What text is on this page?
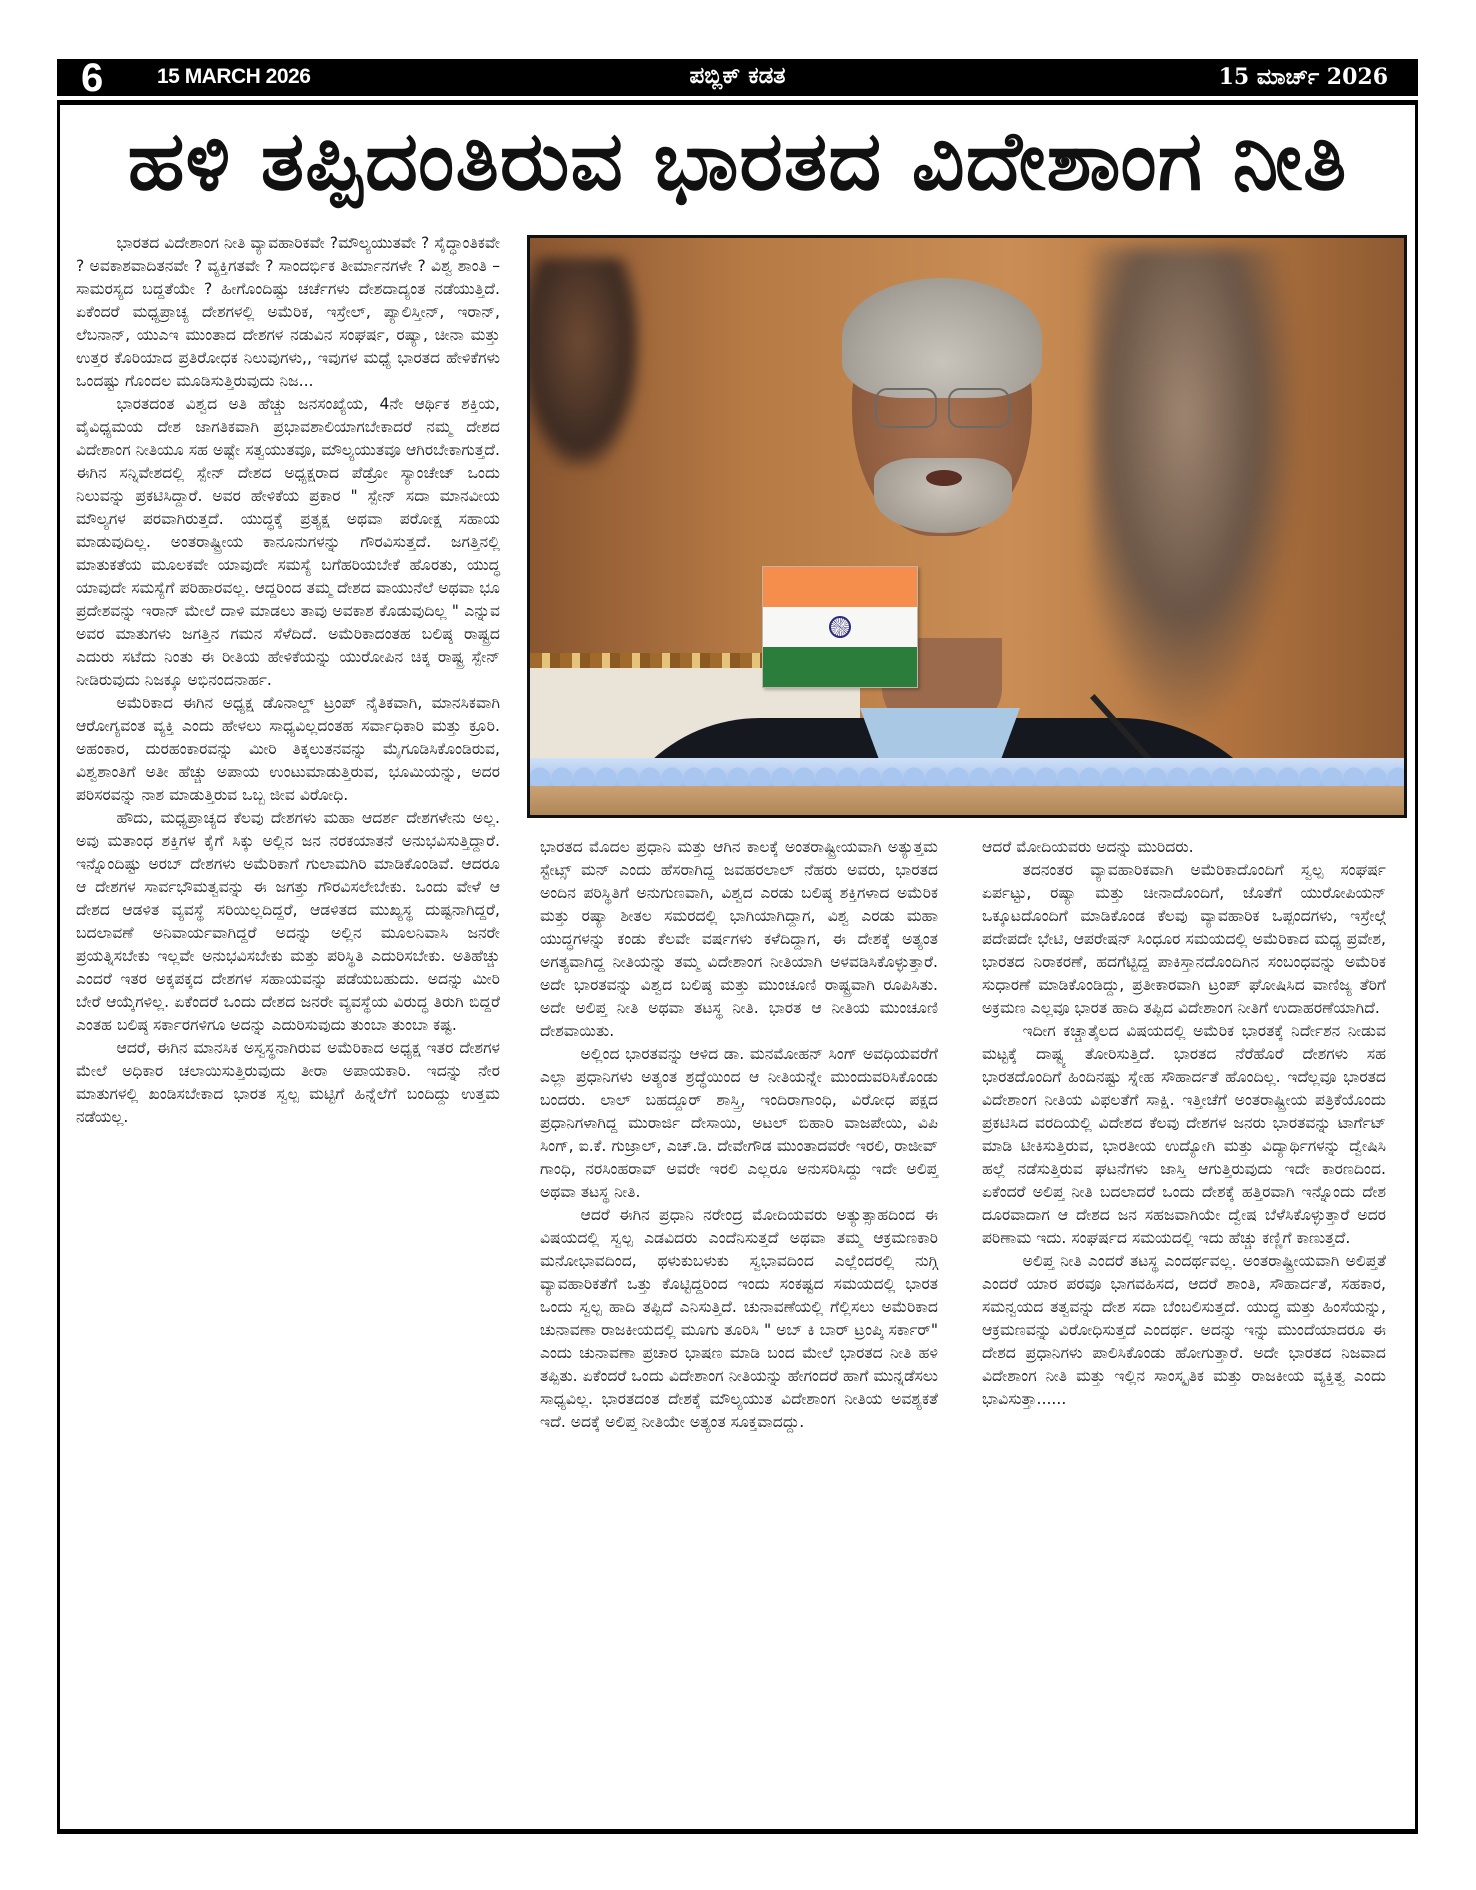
6	15 MARCH 2026	ಪಬ್ಲಿಕ್ ಕಡತ	15 ಮಾರ್ಚ್ 2026
ಹಳಿ ತಪ್ಪಿದಂತಿರುವ ಭಾರತದ ವಿದೇಶಾಂಗ ನೀತಿ

ಭಾರತದ ವಿದೇಶಾಂಗ ನೀತಿ ವ್ಯಾವಹಾರಿಕವೇ ?ಮೌಲ್ಯಯುತವೇ ? ಸೈದ್ಧಾಂತಿಕವೇ ? ಅವಕಾಶವಾದಿತನವೇ ? ವ್ಯಕ್ತಿಗತವೇ ? ಸಾಂದರ್ಭಿಕ ತೀರ್ಮಾನಗಳೇ ? ವಿಶ್ವ ಶಾಂತಿ – ಸಾಮರಸ್ಯದ ಬದ್ದತೆಯೇ ? ಹೀಗೊಂದಿಷ್ಟು ಚರ್ಚೆಗಳು ದೇಶದಾದ್ಯಂತ ನಡೆಯುತ್ತಿದೆ. ಏಕೆಂದರೆ ಮಧ್ಯಪ್ರಾಚ್ಯ ದೇಶಗಳಲ್ಲಿ ಅಮೆರಿಕ, ಇಸ್ರೇಲ್, ಪ್ಯಾಲಿಸ್ತೀನ್, ಇರಾನ್, ಲೆಬನಾನ್, ಯುಎಇ ಮುಂತಾದ ದೇಶಗಳ ನಡುವಿನ ಸಂಘರ್ಷ, ರಷ್ಯಾ, ಚೀನಾ ಮತ್ತು ಉತ್ತರ ಕೊರಿಯಾದ ಪ್ರತಿರೋಧಕ ನಿಲುವುಗಳು,, ಇವುಗಳ ಮಧ್ಯೆ ಭಾರತದ ಹೇಳಿಕೆಗಳು ಒಂದಷ್ಟು ಗೊಂದಲ ಮೂಡಿಸುತ್ತಿರುವುದು ನಿಜ...

ಭಾರತದಂತ ವಿಶ್ವದ ಅತಿ ಹೆಚ್ಚು ಜನಸಂಖ್ಯೆಯ, 4ನೇ ಆರ್ಥಿಕ ಶಕ್ತಿಯ, ವೈವಿಧ್ಯಮಯ ದೇಶ ಜಾಗತಿಕವಾಗಿ ಪ್ರಭಾವಶಾಲಿಯಾಗಬೇಕಾದರೆ ನಮ್ಮ ದೇಶದ ವಿದೇಶಾಂಗ ನೀತಿಯೂ ಸಹ ಅಷ್ಟೇ ಸತ್ವಯುತವೂ, ಮೌಲ್ಯಯುತವೂ ಆಗಿರಬೇಕಾಗುತ್ತದೆ. ಈಗಿನ ಸನ್ನಿವೇಶದಲ್ಲಿ ಸ್ಪೇನ್ ದೇಶದ ಅಧ್ಯಕ್ಷರಾದ ಪೆಡ್ರೋ ಸ್ಯಾಂಚೇಜ್ ಒಂದು ನಿಲುವನ್ನು ಪ್ರಕಟಿಸಿದ್ದಾರೆ. ಅವರ ಹೇಳಿಕೆಯ ಪ್ರಕಾರ " ಸ್ಪೇನ್ ಸದಾ ಮಾನವೀಯ ಮೌಲ್ಯಗಳ ಪರವಾಗಿರುತ್ತದೆ. ಯುದ್ಧಕ್ಕೆ ಪ್ರತ್ಯಕ್ಷ ಅಥವಾ ಪರೋಕ್ಷ ಸಹಾಯ ಮಾಡುವುದಿಲ್ಲ. ಅಂತರಾಷ್ಟ್ರೀಯ ಕಾನೂನುಗಳನ್ನು ಗೌರವಿಸುತ್ತದೆ. ಜಗತ್ತಿನಲ್ಲಿ ಮಾತುಕತೆಯ ಮೂಲಕವೇ ಯಾವುದೇ ಸಮಸ್ಯೆ ಬಗೆಹರಿಯಬೇಕೆ ಹೊರತು, ಯುದ್ಧ ಯಾವುದೇ ಸಮಸ್ಯೆಗೆ ಪರಿಹಾರವಲ್ಲ. ಆದ್ದರಿಂದ ತಮ್ಮ ದೇಶದ ವಾಯುನೆಲೆ ಅಥವಾ ಭೂ ಪ್ರದೇಶವನ್ನು ಇರಾನ್ ಮೇಲೆ ದಾಳಿ ಮಾಡಲು ತಾವು ಅವಕಾಶ ಕೊಡುವುದಿಲ್ಲ " ಎನ್ನುವ ಅವರ ಮಾತುಗಳು ಜಗತ್ತಿನ ಗಮನ ಸೆಳೆದಿದೆ. ಅಮೆರಿಕಾದಂತಹ ಬಲಿಷ್ಠ ರಾಷ್ಟ್ರದ ಎದುರು ಸಟೆದು ನಿಂತು ಈ ರೀತಿಯ ಹೇಳಿಕೆಯನ್ನು ಯುರೋಪಿನ ಚಿಕ್ಕ ರಾಷ್ಟ್ರ ಸ್ಪೇನ್ ನೀಡಿರುವುದು ನಿಜಕ್ಕೂ ಅಭಿನಂದನಾರ್ಹ.

ಅಮೆರಿಕಾದ ಈಗಿನ ಅಧ್ಯಕ್ಷ ಡೊನಾಲ್ಡ್ ಟ್ರಂಪ್ ನೈತಿಕವಾಗಿ, ಮಾನಸಿಕವಾಗಿ ಆರೋಗ್ಯವಂತ ವ್ಯಕ್ತಿ ಎಂದು ಹೇಳಲು ಸಾಧ್ಯವಿಲ್ಲದಂತಹ ಸರ್ವಾಧಿಕಾರಿ ಮತ್ತು ಕ್ರೂರಿ. ಅಹಂಕಾರ, ದುರಹಂಕಾರವನ್ನು ಮೀರಿ ತಿಕ್ಕಲುತನವನ್ನು ಮೈಗೂಡಿಸಿಕೊಂಡಿರುವ, ವಿಶ್ವಶಾಂತಿಗೆ ಅತೀ ಹೆಚ್ಚು ಅಪಾಯ ಉಂಟುಮಾಡುತ್ತಿರುವ, ಭೂಮಿಯನ್ನು, ಅದರ ಪರಿಸರವನ್ನು ನಾಶ ಮಾಡುತ್ತಿರುವ ಒಬ್ಬ ಜೀವ ವಿರೋಧಿ.

ಹೌದು, ಮಧ್ಯಪ್ರಾಚ್ಯದ ಕೆಲವು ದೇಶಗಳು ಮಹಾ ಆದರ್ಶ ದೇಶಗಳೇನು ಅಲ್ಲ. ಅವು ಮತಾಂಧ ಶಕ್ತಿಗಳ ಕೈಗೆ ಸಿಕ್ಕು ಅಲ್ಲಿನ ಜನ ನರಕಯಾತನೆ ಅನುಭವಿಸುತ್ತಿದ್ದಾರೆ. ಇನ್ನೊಂದಿಷ್ಟು ಅರಬ್ ದೇಶಗಳು ಅಮೆರಿಕಾಗೆ ಗುಲಾಮಗಿರಿ ಮಾಡಿಕೊಂಡಿವೆ. ಆದರೂ ಆ ದೇಶಗಳ ಸಾರ್ವಭೌಮತ್ವವನ್ನು ಈ ಜಗತ್ತು ಗೌರವಿಸಲೇಬೇಕು. ಒಂದು ವೇಳೆ ಆ ದೇಶದ ಆಡಳಿತ ವ್ಯವಸ್ಥೆ ಸರಿಯಿಲ್ಲದಿದ್ದರೆ, ಆಡಳಿತದ ಮುಖ್ಯಸ್ಥ ದುಷ್ಟನಾಗಿದ್ದರೆ, ಬದಲಾವಣೆ ಅನಿವಾರ್ಯವಾಗಿದ್ದರೆ ಅದನ್ನು ಅಲ್ಲಿನ ಮೂಲನಿವಾಸಿ ಜನರೇ ಪ್ರಯತ್ನಿಸಬೇಕು ಇಲ್ಲವೇ ಅನುಭವಿಸಬೇಕು ಮತ್ತು ಪರಿಸ್ಥಿತಿ ಎದುರಿಸಬೇಕು. ಅತಿಹೆಚ್ಚು ಎಂದರೆ ಇತರ ಅಕ್ಕಪಕ್ಕದ ದೇಶಗಳ ಸಹಾಯವನ್ನು ಪಡೆಯಬಹುದು. ಅದನ್ನು ಮೀರಿ ಬೇರೆ ಆಯ್ಕೆಗಳಿಲ್ಲ. ಏಕೆಂದರೆ ಒಂದು ದೇಶದ ಜನರೇ ವ್ಯವಸ್ಥೆಯ ವಿರುದ್ಧ ತಿರುಗಿ ಬಿದ್ದರೆ ಎಂತಹ ಬಲಿಷ್ಠ ಸರ್ಕಾರಗಳಿಗೂ ಅದನ್ನು ಎದುರಿಸುವುದು ತುಂಬಾ ತುಂಬಾ ಕಷ್ಟ.

ಆದರೆ, ಈಗಿನ ಮಾನಸಿಕ ಅಸ್ವಸ್ಥನಾಗಿರುವ ಅಮೆರಿಕಾದ ಅಧ್ಯಕ್ಷ ಇತರ ದೇಶಗಳ ಮೇಲೆ ಅಧಿಕಾರ ಚಲಾಯಿಸುತ್ತಿರುವುದು ತೀರಾ ಅಪಾಯಕಾರಿ. ಇದನ್ನು ನೇರ ಮಾತುಗಳಲ್ಲಿ ಖಂಡಿಸಬೇಕಾದ ಭಾರತ ಸ್ವಲ್ಪ ಮಟ್ಟಿಗೆ ಹಿನ್ನೆಲೆಗೆ ಬಂದಿದ್ದು ಉತ್ತಮ ನಡೆಯಲ್ಲ.

ಭಾರತದ ಮೊದಲ ಪ್ರಧಾನಿ ಮತ್ತು ಆಗಿನ ಕಾಲಕ್ಕೆ ಅಂತರಾಷ್ಟ್ರೀಯವಾಗಿ ಅತ್ಯುತ್ತಮ ಸ್ಟೇಟ್ಸ್ ಮನ್ ಎಂದು ಹೆಸರಾಗಿದ್ದ ಜವಹರಲಾಲ್ ನೆಹರು ಅವರು, ಭಾರತದ ಅಂದಿನ ಪರಿಸ್ಥಿತಿಗೆ ಅನುಗುಣವಾಗಿ, ವಿಶ್ವದ ಎರಡು ಬಲಿಷ್ಠ ಶಕ್ತಿಗಳಾದ ಅಮೆರಿಕ ಮತ್ತು ರಷ್ಯಾ ಶೀತಲ ಸಮರದಲ್ಲಿ ಭಾಗಿಯಾಗಿದ್ದಾಗ, ವಿಶ್ವ ಎರಡು ಮಹಾ ಯುದ್ಧಗಳನ್ನು ಕಂಡು ಕೆಲವೇ ವರ್ಷಗಳು ಕಳೆದಿದ್ದಾಗ, ಈ ದೇಶಕ್ಕೆ ಅತ್ಯಂತ ಅಗತ್ಯವಾಗಿದ್ದ ನೀತಿಯನ್ನು ತಮ್ಮ ವಿದೇಶಾಂಗ ನೀತಿಯಾಗಿ ಅಳವಡಿಸಿಕೊಳ್ಳುತ್ತಾರೆ. ಅದೇ ಭಾರತವನ್ನು ವಿಶ್ವದ ಬಲಿಷ್ಠ ಮತ್ತು ಮುಂಚೂಣಿ ರಾಷ್ಟ್ರವಾಗಿ ರೂಪಿಸಿತು. ಅದೇ ಅಲಿಪ್ತ ನೀತಿ ಅಥವಾ ತಟಸ್ಥ ನೀತಿ. ಭಾರತ ಆ ನೀತಿಯ ಮುಂಚೂಣಿ ದೇಶವಾಯಿತು.

ಅಲ್ಲಿಂದ ಭಾರತವನ್ನು ಆಳಿದ ಡಾ. ಮನಮೋಹನ್ ಸಿಂಗ್ ಅವಧಿಯವರೆಗೆ ಎಲ್ಲಾ ಪ್ರಧಾನಿಗಳು ಅತ್ಯಂತ ಶ್ರದ್ಧೆಯಿಂದ ಆ ನೀತಿಯನ್ನೇ ಮುಂದುವರಿಸಿಕೊಂಡು ಬಂದರು. ಲಾಲ್ ಬಹದ್ದೂರ್ ಶಾಸ್ತ್ರಿ, ಇಂದಿರಾಗಾಂಧಿ, ವಿರೋಧ ಪಕ್ಷದ ಪ್ರಧಾನಿಗಳಾಗಿದ್ದ ಮುರಾರ್ಜಿ ದೇಸಾಯಿ, ಅಟಲ್ ಬಿಹಾರಿ ವಾಜಪೇಯಿ, ವಿಪಿ ಸಿಂಗ್, ಐ.ಕೆ. ಗುಜ್ರಾಲ್, ಎಚ್.ಡಿ. ದೇವೇಗೌಡ ಮುಂತಾದವರೇ ಇರಲಿ, ರಾಜೀವ್ ಗಾಂಧಿ, ನರಸಿಂಹರಾವ್ ಅವರೇ ಇರಲಿ ಎಲ್ಲರೂ ಅನುಸರಿಸಿದ್ದು ಇದೇ ಅಲಿಪ್ತ ಅಥವಾ ತಟಸ್ಥ ನೀತಿ.

ಆದರೆ ಈಗಿನ ಪ್ರಧಾನಿ ನರೇಂದ್ರ ಮೋದಿಯವರು ಅತ್ಯುತ್ಸಾಹದಿಂದ ಈ ವಿಷಯದಲ್ಲಿ ಸ್ವಲ್ಪ ಎಡವಿದರು ಎಂದೆನಿಸುತ್ತದೆ ಅಥವಾ ತಮ್ಮ ಆಕ್ರಮಣಕಾರಿ ಮನೋಭಾವದಿಂದ, ಥಳುಕುಬಳುಕು ಸ್ವಭಾವದಿಂದ ಎಲ್ಲೆಂದರಲ್ಲಿ ನುಗ್ಗಿ ವ್ಯಾವಹಾರಿಕತೆಗೆ ಒತ್ತು ಕೊಟ್ಟಿದ್ದರಿಂದ ಇಂದು ಸಂಕಷ್ಟದ ಸಮಯದಲ್ಲಿ ಭಾರತ ಒಂದು ಸ್ವಲ್ಪ ಹಾದಿ ತಪ್ಪಿದೆ ಎನಿಸುತ್ತಿದೆ. ಚುನಾವಣೆಯಲ್ಲಿ ಗೆಲ್ಲಿಸಲು ಅಮೆರಿಕಾದ ಚುನಾವಣಾ ರಾಜಕೀಯದಲ್ಲಿ ಮೂಗು ತೂರಿಸಿ " ಅಬ್ ಕಿ ಬಾರ್ ಟ್ರಂಪ್ಕಿ ಸರ್ಕಾರ್" ಎಂದು ಚುನಾವಣಾ ಪ್ರಚಾರ ಭಾಷಣ ಮಾಡಿ ಬಂದ ಮೇಲೆ ಭಾರತದ ನೀತಿ ಹಳಿ ತಪ್ಪಿತು. ಏಕೆಂದರೆ ಒಂದು ವಿದೇಶಾಂಗ ನೀತಿಯನ್ನು ಹೇಗಂದರೆ ಹಾಗೆ ಮುನ್ನಡೆಸಲು ಸಾಧ್ಯವಿಲ್ಲ. ಭಾರತದಂತ ದೇಶಕ್ಕೆ ಮೌಲ್ಯಯುತ ವಿದೇಶಾಂಗ ನೀತಿಯ ಅವಶ್ಯಕತೆ ಇದೆ. ಅದಕ್ಕೆ ಅಲಿಪ್ತ ನೀತಿಯೇ ಅತ್ಯಂತ ಸೂಕ್ತವಾದದ್ದು.

ಆದರೆ ಮೋದಿಯವರು ಅದನ್ನು ಮುರಿದರು.

ತದನಂತರ ವ್ಯಾವಹಾರಿಕವಾಗಿ ಅಮೆರಿಕಾದೊಂದಿಗೆ ಸ್ವಲ್ಪ ಸಂಘರ್ಷ ಏರ್ಪಟ್ಟು, ರಷ್ಯಾ ಮತ್ತು ಚೀನಾದೊಂದಿಗೆ, ಜೊತೆಗೆ ಯುರೋಪಿಯನ್ ಒಕ್ಕೂಟದೊಂದಿಗೆ ಮಾಡಿಕೊಂಡ ಕೆಲವು ವ್ಯಾವಹಾರಿಕ ಒಪ್ಪಂದಗಳು, ಇಸ್ರೇಲ್ಗೆ ಪದೇಪದೇ ಭೇಟಿ, ಆಪರೇಷನ್ ಸಿಂಧೂರ ಸಮಯದಲ್ಲಿ ಅಮೆರಿಕಾದ ಮಧ್ಯ ಪ್ರವೇಶ, ಭಾರತದ ನಿರಾಕರಣೆ, ಹದಗೆಟ್ಟಿದ್ದ ಪಾಕಿಸ್ತಾನದೊಂದಿಗಿನ ಸಂಬಂಧವನ್ನು ಅಮೆರಿಕ ಸುಧಾರಣೆ ಮಾಡಿಕೊಂಡಿದ್ದು, ಪ್ರತೀಕಾರವಾಗಿ ಟ್ರಂಪ್ ಘೋಷಿಸಿದ ವಾಣಿಜ್ಯ ತೆರಿಗೆ ಅಕ್ರಮಣ ಎಲ್ಲವೂ ಭಾರತ ಹಾದಿ ತಪ್ಪಿದ ವಿದೇಶಾಂಗ ನೀತಿಗೆ ಉದಾಹರಣೆಯಾಗಿದೆ.

ಇದೀಗ ಕಚ್ಚಾತೈಲದ ವಿಷಯದಲ್ಲಿ ಅಮೆರಿಕ ಭಾರತಕ್ಕೆ ನಿರ್ದೇಶನ ನೀಡುವ ಮಟ್ಟಕ್ಕೆ ದಾಷ್ಟ್ಯ ತೋರಿಸುತ್ತಿದೆ. ಭಾರತದ ನೆರೆಹೊರೆ ದೇಶಗಳು ಸಹ ಭಾರತದೊಂದಿಗೆ ಹಿಂದಿನಷ್ಟು ಸ್ನೇಹ ಸೌಹಾರ್ದತೆ ಹೊಂದಿಲ್ಲ. ಇದೆಲ್ಲವೂ ಭಾರತದ ವಿದೇಶಾಂಗ ನೀತಿಯ ವಿಫಲತೆಗೆ ಸಾಕ್ಷಿ. ಇತ್ತೀಚೆಗೆ ಅಂತರಾಷ್ಟ್ರೀಯ ಪತ್ರಿಕೆಯೊಂದು ಪ್ರಕಟಿಸಿದ ವರದಿಯಲ್ಲಿ ವಿದೇಶದ ಕೆಲವು ದೇಶಗಳ ಜನರು ಭಾರತವನ್ನು ಟಾರ್ಗೆಟ್ ಮಾಡಿ ಟೀಕಿಸುತ್ತಿರುವ, ಭಾರತೀಯ ಉದ್ಯೋಗಿ ಮತ್ತು ವಿದ್ಯಾರ್ಥಿಗಳನ್ನು ದ್ವೇಷಿಸಿ ಹಲ್ಲೆ ನಡೆಸುತ್ತಿರುವ ಘಟನೆಗಳು ಜಾಸ್ತಿ ಆಗುತ್ತಿರುವುದು ಇದೇ ಕಾರಣದಿಂದ. ಏಕೆಂದರೆ ಅಲಿಪ್ತ ನೀತಿ ಬದಲಾದರೆ ಒಂದು ದೇಶಕ್ಕೆ ಹತ್ತಿರವಾಗಿ ಇನ್ನೊಂದು ದೇಶ ದೂರವಾದಾಗ ಆ ದೇಶದ ಜನ ಸಹಜವಾಗಿಯೇ ದ್ವೇಷ ಬೆಳೆಸಿಕೊಳ್ಳುತ್ತಾರೆ ಅದರ ಪರಿಣಾಮ ಇದು. ಸಂಘರ್ಷದ ಸಮಯದಲ್ಲಿ ಇದು ಹೆಚ್ಚು ಕಣ್ಣಿಗೆ ಕಾಣುತ್ತದೆ.

ಅಲಿಪ್ತ ನೀತಿ ಎಂದರೆ ತಟಸ್ಥ ಎಂದರ್ಥವಲ್ಲ. ಅಂತರಾಷ್ಟ್ರೀಯವಾಗಿ ಅಲಿಪ್ತತೆ ಎಂದರೆ ಯಾರ ಪರವೂ ಭಾಗವಹಿಸದ, ಆದರೆ ಶಾಂತಿ, ಸೌಹಾರ್ದತೆ, ಸಹಕಾರ, ಸಮನ್ವಯದ ತತ್ವವನ್ನು ದೇಶ ಸದಾ ಬೆಂಬಲಿಸುತ್ತದೆ. ಯುದ್ಧ ಮತ್ತು ಹಿಂಸೆಯನ್ನು, ಆಕ್ರಮಣವನ್ನು ವಿರೋಧಿಸುತ್ತದೆ ಎಂದರ್ಥ. ಅದನ್ನು ಇನ್ನು ಮುಂದೆಯಾದರೂ ಈ ದೇಶದ ಪ್ರಧಾನಿಗಳು ಪಾಲಿಸಿಕೊಂಡು ಹೋಗುತ್ತಾರೆ. ಅದೇ ಭಾರತದ ನಿಜವಾದ ವಿದೇಶಾಂಗ ನೀತಿ ಮತ್ತು ಇಲ್ಲಿನ ಸಾಂಸ್ಕೃತಿಕ ಮತ್ತು ರಾಜಕೀಯ ವ್ಯಕ್ತಿತ್ವ ಎಂದು ಭಾವಿಸುತ್ತಾ......
